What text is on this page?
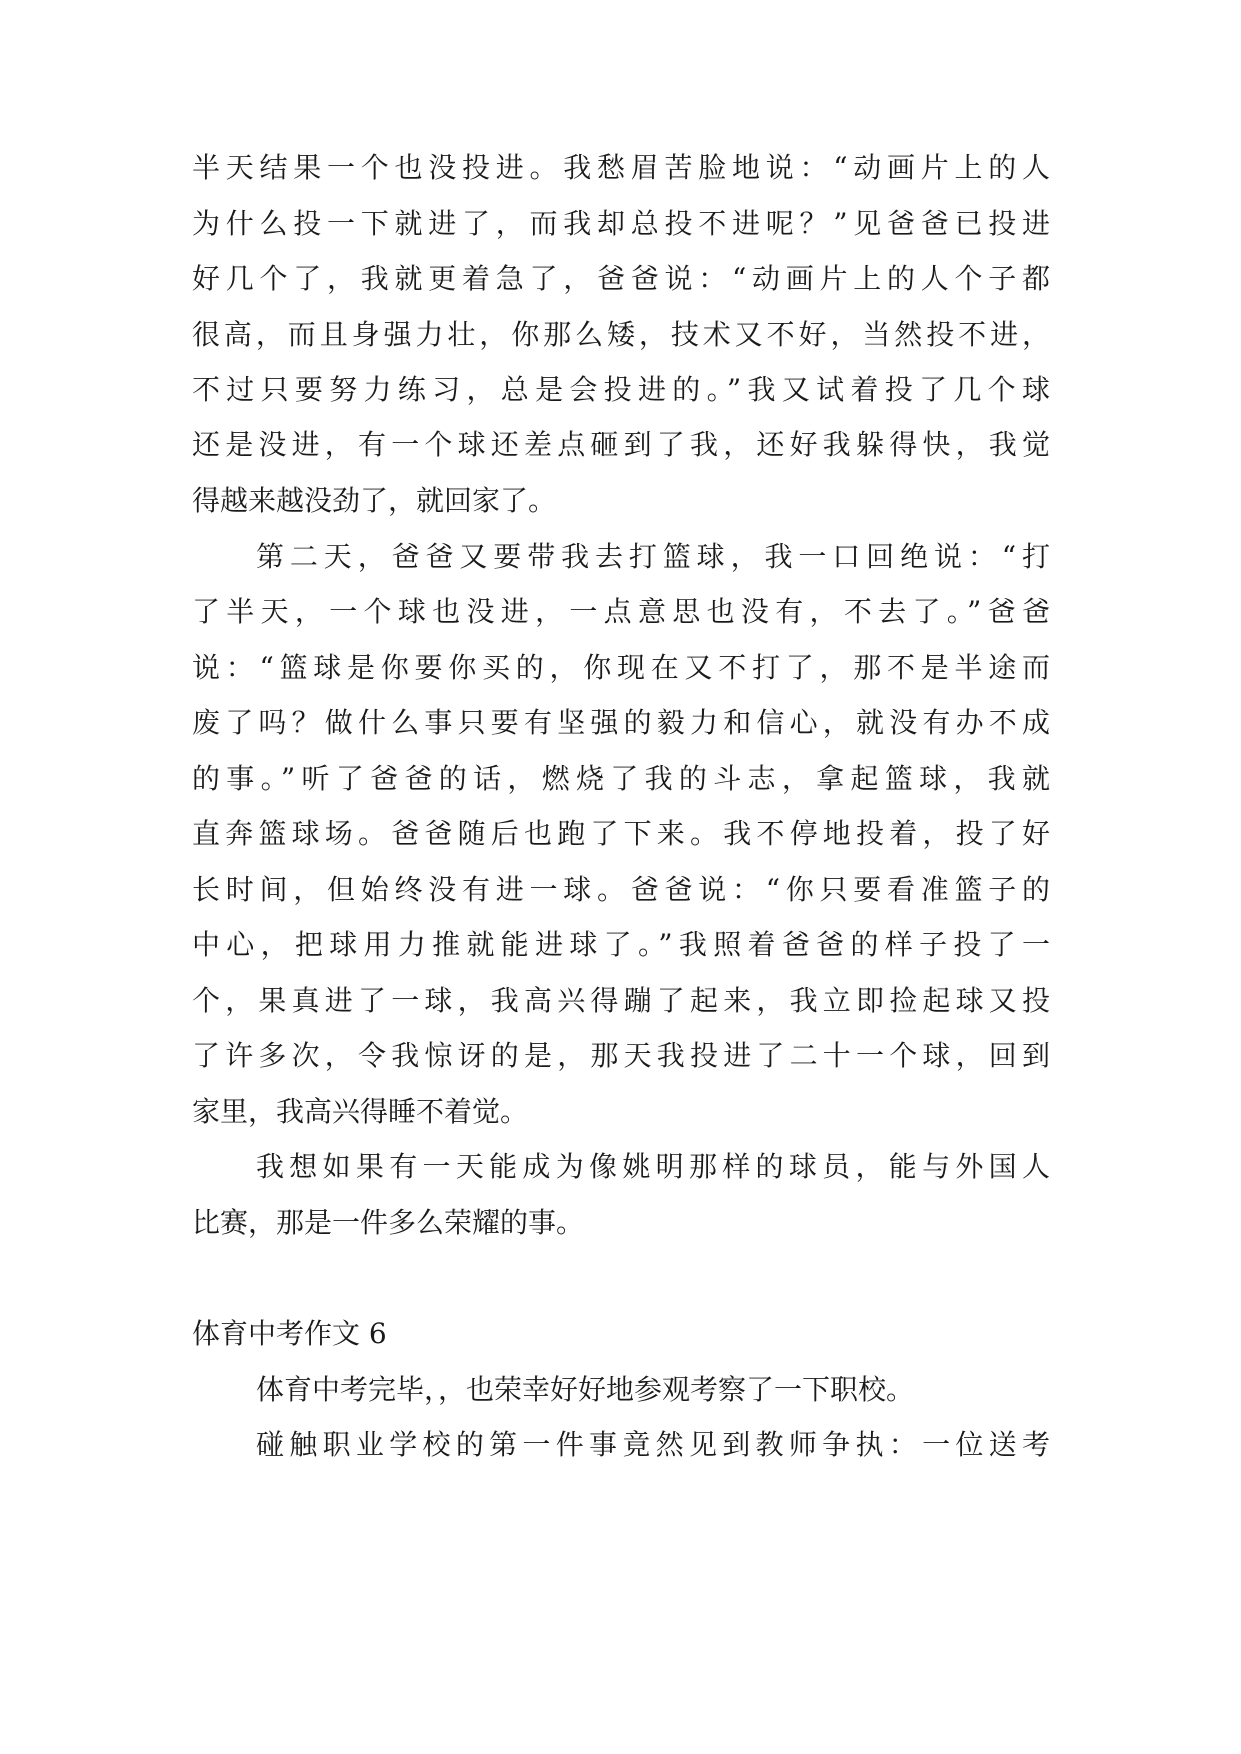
半天结果一个也没投进。我愁眉苦脸地说：“动画片上的人
为什么投一下就进了，而我却总投不进呢？”见爸爸已投进
好几个了，我就更着急了，爸爸说：“动画片上的人个子都
很高，而且身强力壮，你那么矮，技术又不好，当然投不进，
不过只要努力练习，总是会投进的。”我又试着投了几个球
还是没进，有一个球还差点砸到了我，还好我躲得快，我觉
得越来越没劲了，就回家了。
第二天，爸爸又要带我去打篮球，我一口回绝说：“打
了半天，一个球也没进，一点意思也没有，不去了。”爸爸
说：“篮球是你要你买的，你现在又不打了，那不是半途而
废了吗？做什么事只要有坚强的毅力和信心，就没有办不成
的事。”听了爸爸的话，燃烧了我的斗志，拿起篮球，我就
直奔篮球场。爸爸随后也跑了下来。我不停地投着，投了好
长时间，但始终没有进一球。爸爸说：“你只要看准篮子的
中心，把球用力推就能进球了。”我照着爸爸的样子投了一
个，果真进了一球，我高兴得蹦了起来，我立即捡起球又投
了许多次，令我惊讶的是，那天我投进了二十一个球，回到
家里，我高兴得睡不着觉。
我想如果有一天能成为像姚明那样的球员，能与外国人
比赛，那是一件多么荣耀的事。
体育中考作文 6
体育中考完毕，，也荣幸好好地参观考察了一下职校。
碰触职业学校的第一件事竟然见到教师争执：一位送考
